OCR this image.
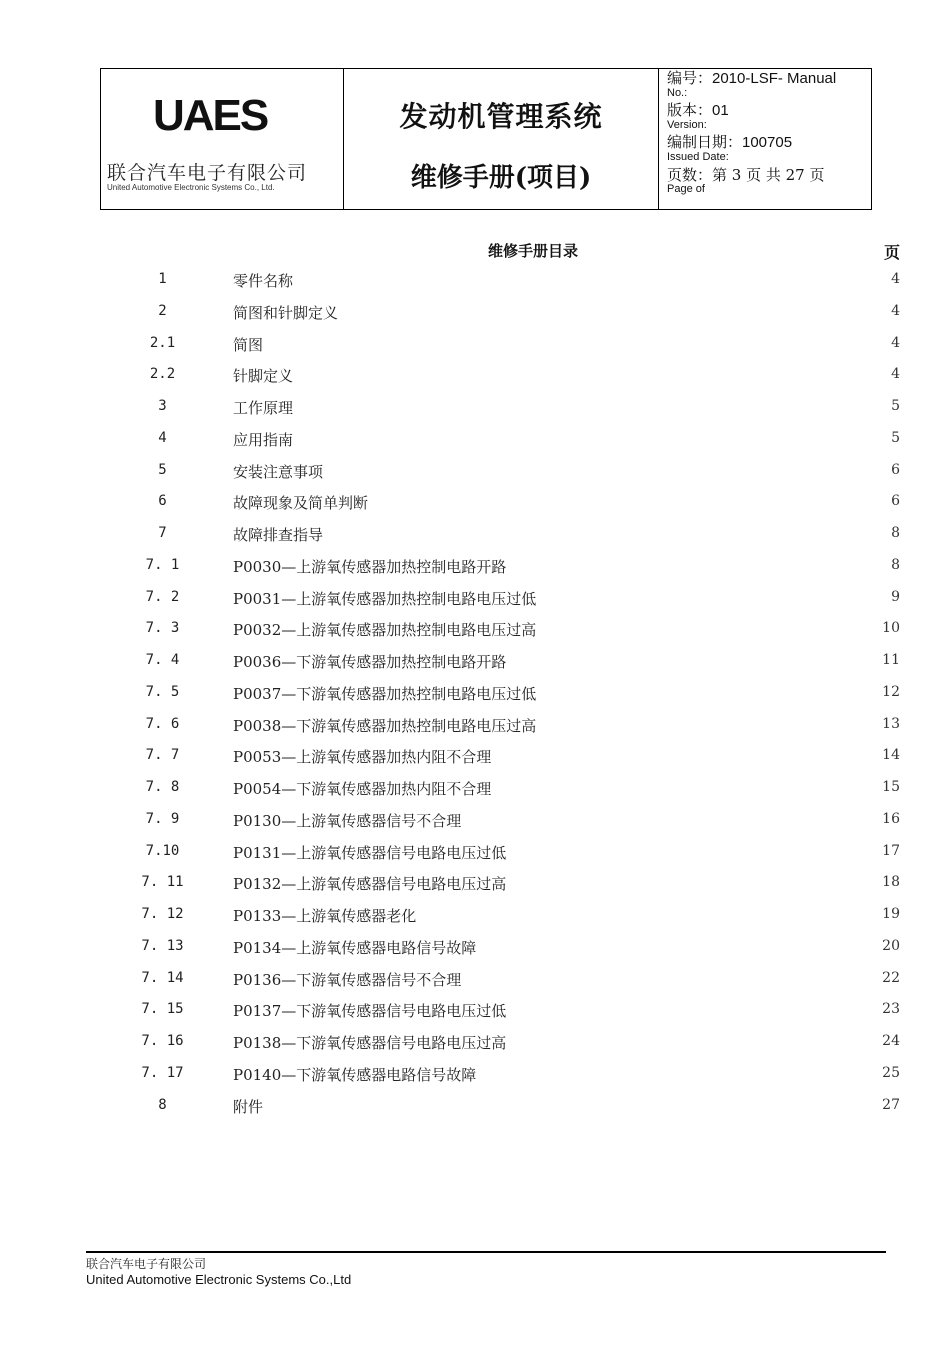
UAES
联合汽车电子有限公司
United Automotive Electronic Systems Co., Ltd.
发动机管理系统
维修手册(项目)
编号：2010-LSF- Manual
No.:
版本：01
Version:
编制日期：100705
Issued Date:
页数：第 3 页 共 27 页
Page of
维修手册目录	页
1	零件名称	4
2	简图和针脚定义	4
2.1	简图	4
2.2	针脚定义	4
3	工作原理	5
4	应用指南	5
5	安装注意事项	6
6	故障现象及简单判断	6
7	故障排查指导	8
7. 1	P0030—上游氧传感器加热控制电路开路	8
7. 2	P0031—上游氧传感器加热控制电路电压过低	9
7. 3	P0032—上游氧传感器加热控制电路电压过高	10
7. 4	P0036—下游氧传感器加热控制电路开路	11
7. 5	P0037—下游氧传感器加热控制电路电压过低	12
7. 6	P0038—下游氧传感器加热控制电路电压过高	13
7. 7	P0053—上游氧传感器加热内阻不合理	14
7. 8	P0054—下游氧传感器加热内阻不合理	15
7. 9	P0130—上游氧传感器信号不合理	16
7.10	P0131—上游氧传感器信号电路电压过低	17
7. 11	P0132—上游氧传感器信号电路电压过高	18
7. 12	P0133—上游氧传感器老化	19
7. 13	P0134—上游氧传感器电路信号故障	20
7. 14	P0136—下游氧传感器信号不合理	22
7. 15	P0137—下游氧传感器信号电路电压过低	23
7. 16	P0138—下游氧传感器信号电路电压过高	24
7. 17	P0140—下游氧传感器电路信号故障	25
8	附件	27
联合汽车电子有限公司
United Automotive Electronic Systems Co.,Ltd
